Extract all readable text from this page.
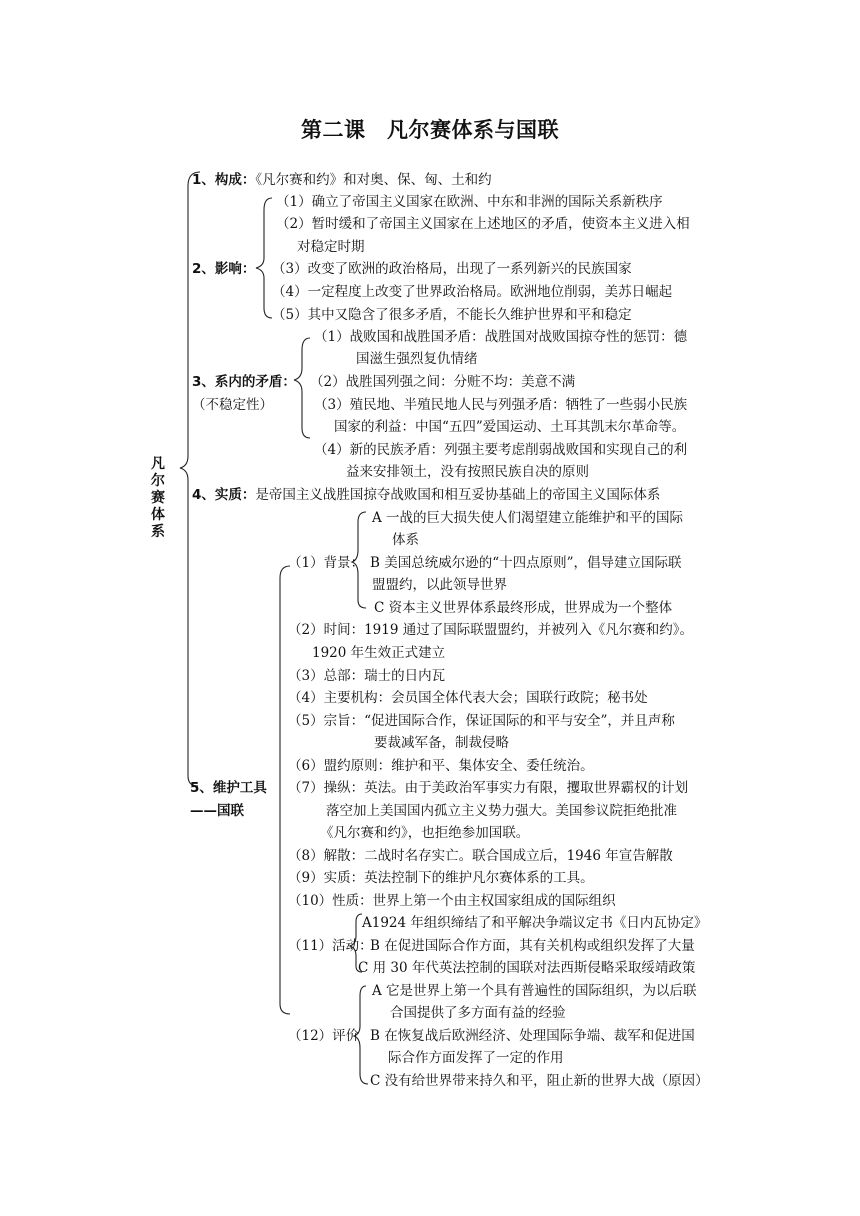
第二课　凡尔赛体系与国联
凡尔赛体系
1、构成：《凡尔赛和约》和对奥、保、匈、土和约
（1）确立了帝国主义国家在欧洲、中东和非洲的国际关系新秩序
（2）暂时缓和了帝国主义国家在上述地区的矛盾，使资本主义进入相
对稳定时期
2、影响： （3）改变了欧洲的政治格局，出现了一系列新兴的民族国家
（4）一定程度上改变了世界政治格局。欧洲地位削弱，美苏日崛起
（5）其中又隐含了很多矛盾，不能长久维护世界和平和稳定
（1）战败国和战胜国矛盾：战胜国对战败国掠夺性的惩罚：德
国滋生强烈复仇情绪
3、系内的矛盾： （2）战胜国列强之间：分赃不均：美意不满
（不稳定性）	（3）殖民地、半殖民地人民与列强矛盾：牺牲了一些弱小民族
国家的利益：中国“五四”爱国运动、土耳其凯末尔革命等。
（4）新的民族矛盾：列强主要考虑削弱战败国和实现自己的利
益来安排领土，没有按照民族自决的原则
4、实质：是帝国主义战胜国掠夺战败国和相互妥协基础上的帝国主义国际体系
A 一战的巨大损失使人们渴望建立能维护和平的国际
体系
（1）背景： B 美国总统威尔逊的“十四点原则”，倡导建立国际联
盟盟约，以此领导世界
C 资本主义世界体系最终形成，世界成为一个整体
（2）时间：1919 通过了国际联盟盟约，并被列入《凡尔赛和约》。
1920 年生效正式建立
（3）总部：瑞士的日内瓦
（4）主要机构：会员国全体代表大会；国联行政院；秘书处
（5）宗旨：“促进国际合作，保证国际的和平与安全”，并且声称
要裁减军备，制裁侵略
（6）盟约原则：维护和平、集体安全、委任统治。
5、维护工具 （7）操纵：英法。由于美政治军事实力有限，攫取世界霸权的计划
——国联	落空加上美国国内孤立主义势力强大。美国参议院拒绝批准
《凡尔赛和约》，也拒绝参加国联。
（8）解散：二战时名存实亡。联合国成立后，1946 年宣告解散
（9）实质：英法控制下的维护凡尔赛体系的工具。
（10）性质：世界上第一个由主权国家组成的国际组织
A1924 年组织缔结了和平解决争端议定书《日内瓦协定》
（11）活动：
B 在促进国际合作方面，其有关机构或组织发挥了大量
C 用 30 年代英法控制的国联对法西斯侵略采取绥靖政策
A 它是世界上第一个具有普遍性的国际组织，为以后联
合国提供了多方面有益的经验
（12）评价 B 在恢复战后欧洲经济、处理国际争端、裁军和促进国
际合作方面发挥了一定的作用
C 没有给世界带来持久和平，阻止新的世界大战（原因）
